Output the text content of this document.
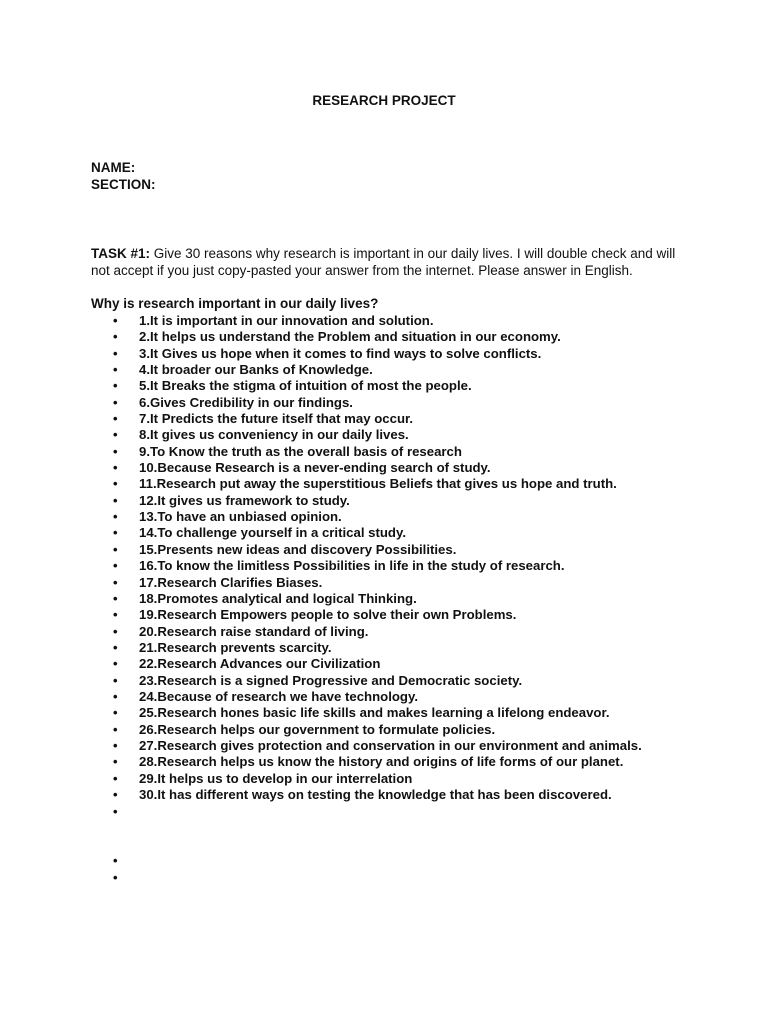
RESEARCH PROJECT
NAME:
SECTION:
TASK #1: Give 30 reasons why research is important in our daily lives. I will double check and will not accept if you just copy-pasted your answer from the internet. Please answer in English.
Why is research important in our daily lives?
• 1.It is important in our innovation and solution.
• 2.It helps us understand the Problem and situation in our economy.
• 3.It Gives us hope when it comes to find ways to solve conflicts.
• 4.It broader our Banks of Knowledge.
• 5.It Breaks the stigma of intuition of most the people.
• 6.Gives Credibility in our findings.
• 7.It Predicts the future itself that may occur.
• 8.It gives us conveniency in our daily lives.
• 9.To Know the truth as the overall basis of research
• 10.Because Research is a never-ending search of study.
• 11.Research put away the superstitious Beliefs that gives us hope and truth.
• 12.It gives us framework to study.
• 13.To have an unbiased opinion.
• 14.To challenge yourself in a critical study.
• 15.Presents new ideas and discovery Possibilities.
• 16.To know the limitless Possibilities in life in the study of research.
• 17.Research Clarifies Biases.
• 18.Promotes analytical and logical Thinking.
• 19.Research Empowers people to solve their own Problems.
• 20.Research raise standard of living.
• 21.Research prevents scarcity.
• 22.Research Advances our Civilization
• 23.Research is a signed Progressive and Democratic society.
• 24.Because of research we have technology.
• 25.Research hones basic life skills and makes learning a lifelong endeavor.
• 26.Research helps our government to formulate policies.
• 27.Research gives protection and conservation in our environment and animals.
• 28.Research helps us know the history and origins of life forms of our planet.
• 29.It helps us to develop in our interrelation
• 30.It has different ways on testing the knowledge that has been discovered.
•
•
•
